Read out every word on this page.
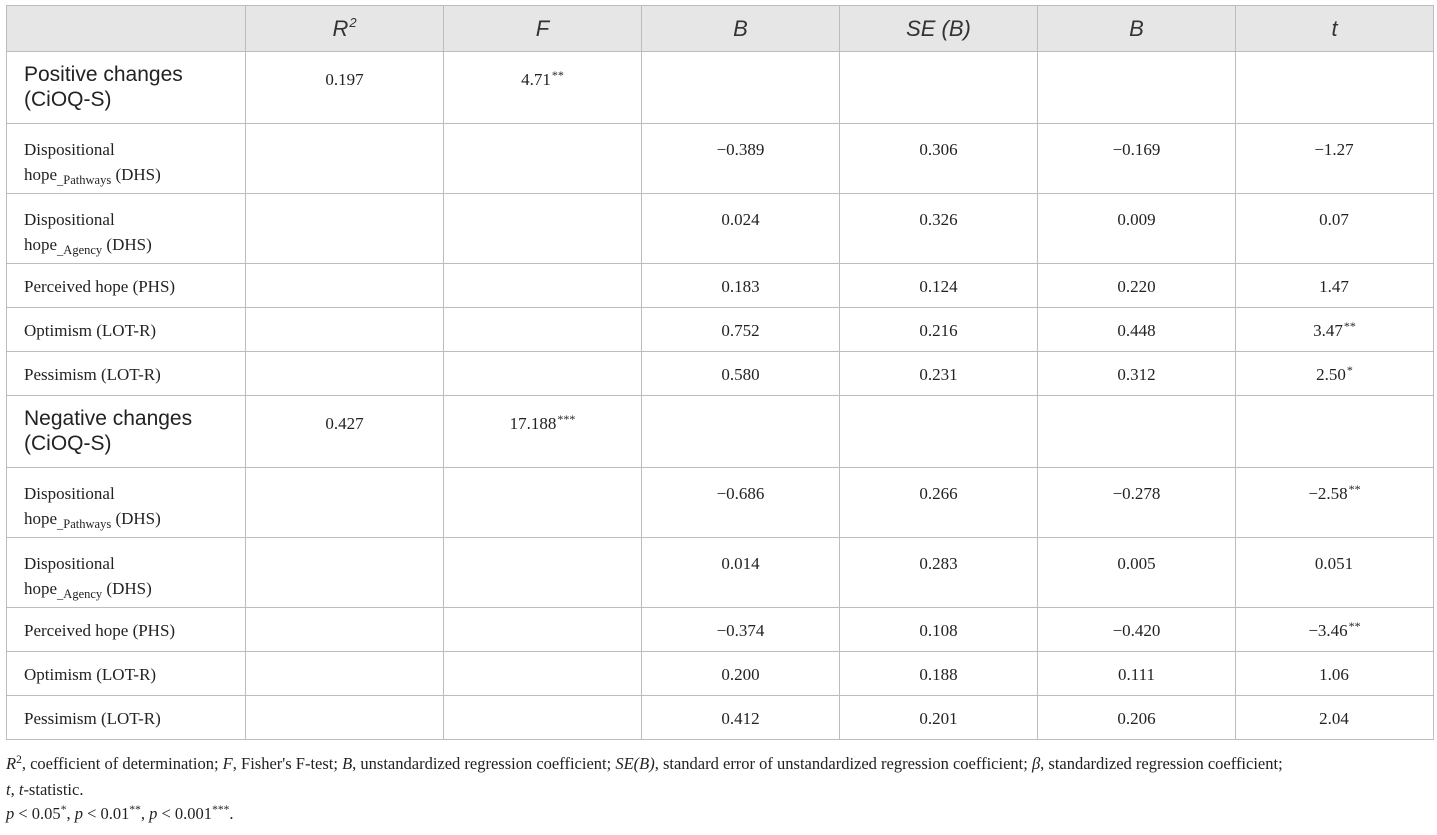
	$R^2$	F	B	SE (B)	B	t
Positive changes (CiOQ-S)	0.197	4.71**				
Dispositional
hope$_{\_Pathways}$ (DHS)			−0.389	0.306	−0.169	−1.27
Dispositional
hope$_{\_Agency}$ (DHS)			0.024	0.326	0.009	0.07
Perceived hope (PHS)			0.183	0.124	0.220	1.47
Optimism (LOT-R)			0.752	0.216	0.448	3.47**
Pessimism (LOT-R)			0.580	0.231	0.312	2.50*
Negative changes (CiOQ-S)	0.427	17.188***				
Dispositional
hope$_{\_Pathways}$ (DHS)			−0.686	0.266	−0.278	−2.58**
Dispositional
hope$_{\_Agency}$ (DHS)			0.014	0.283	0.005	0.051
Perceived hope (PHS)			−0.374	0.108	−0.420	−3.46**
Optimism (LOT-R)			0.200	0.188	0.111	1.06
Pessimism (LOT-R)			0.412	0.201	0.206	2.04
$R^2$, coefficient of determination; F, Fisher's F-test; B, unstandardized regression coefficient; SE(B), standard error of unstandardized regression coefficient; β, standardized regression coefficient;
t, t-statistic.
p < 0.05*, p < 0.01**, p < 0.001***.
